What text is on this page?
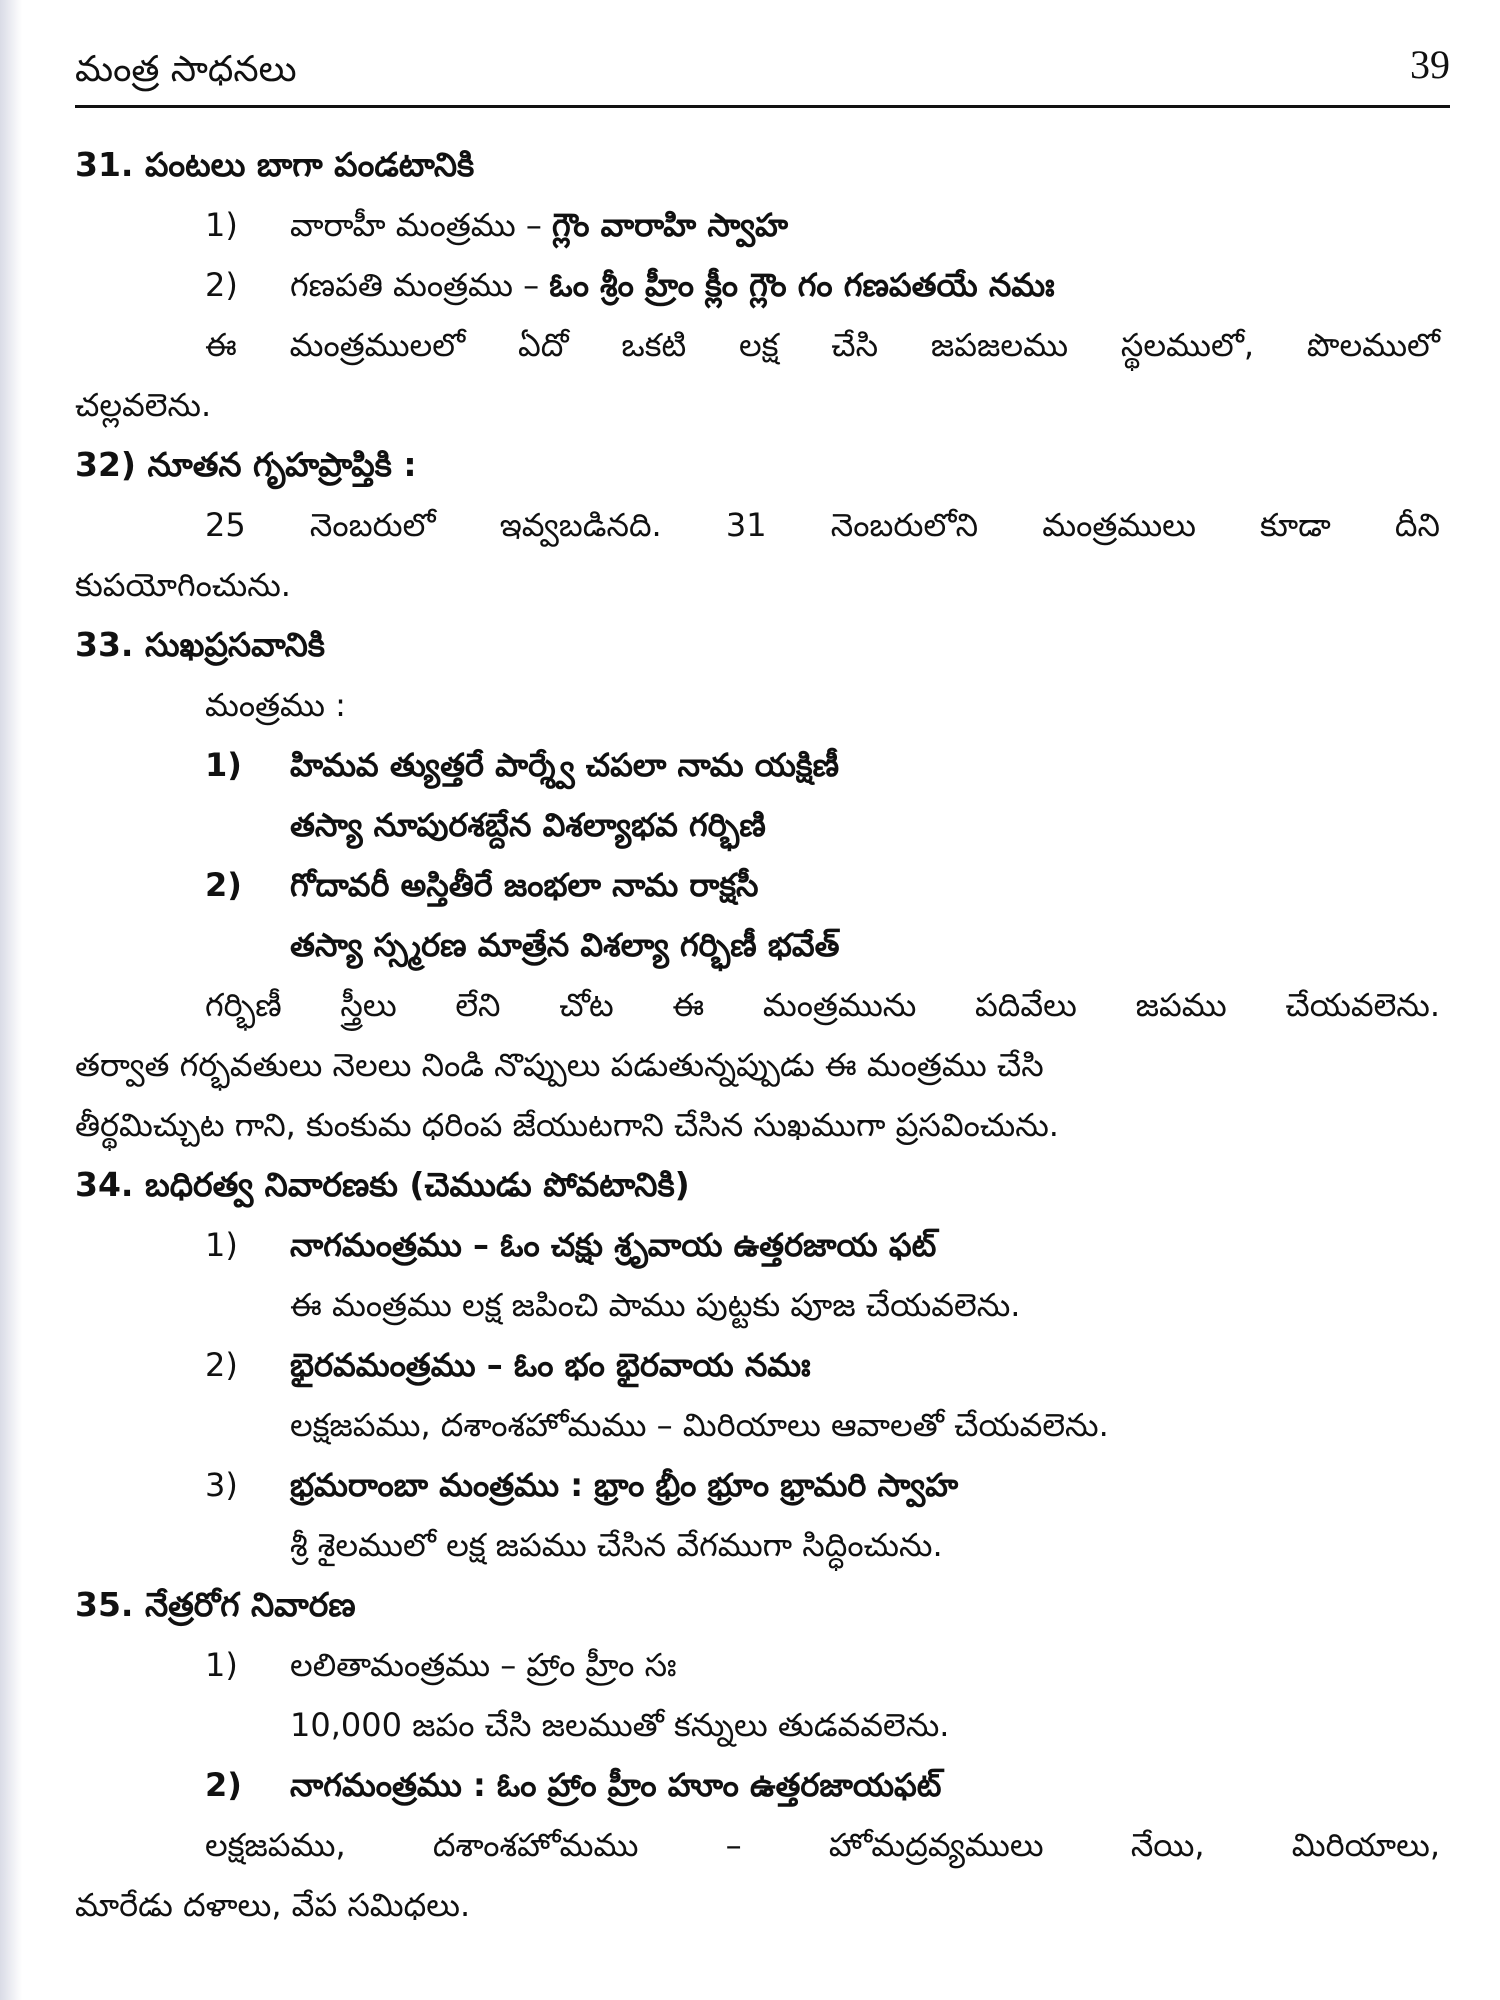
మంత్ర సాధనలు	39
31. పంటలు బాగా పండటానికి
1)	వారాహీ మంత్రము – గ్లౌం వారాహి స్వాహ
2)	గణపతి మంత్రము – ఓం శ్రీం హ్రీం క్లీం గ్లౌం గం గణపతయే నమః
ఈ మంత్రములలో ఏదో ఒకటి లక్ష చేసి జపజలము స్థలములో, పొలములో
చల్లవలెను.
32) నూతన గృహప్రాప్తికి :
25 నెంబరులో ఇవ్వబడినది. 31 నెంబరులోని మంత్రములు కూడా దీని
కుపయోగించును.
33. సుఖప్రసవానికి
మంత్రము :
1)	హిమవ త్యుత్తరే పార్శ్వే చపలా నామ యక్షిణీ
తస్యా నూపురశబ్దేన విశల్యాభవ గర్భిణి
2)	గోదావరీ అస్తితీరే జంభలా నామ రాక్షసీ
తస్యా స్స్మరణ మాత్రేన విశల్యా గర్భిణీ భవేత్
గర్భిణీ స్త్రీలు లేని చోట ఈ మంత్రమును పదివేలు జపము చేయవలెను.
తర్వాత గర్భవతులు నెలలు నిండి నొప్పులు పడుతున్నప్పుడు ఈ మంత్రము చేసి
తీర్థమిచ్చుట గాని, కుంకుమ ధరింప జేయుటగాని చేసిన సుఖముగా ప్రసవించును.
34. బధిరత్వ నివారణకు (చెముడు పోవటానికి)
1)	నాగమంత్రము – ఓం చక్షు శ్రృవాయ ఉత్తరజాయ ఫట్
ఈ మంత్రము లక్ష జపించి పాము పుట్టకు పూజ చేయవలెను.
2)	భైరవమంత్రము – ఓం భం భైరవాయ నమః
లక్షజపము, దశాంశహోమము – మిరియాలు ఆవాలతో చేయవలెను.
3)	భ్రమరాంబా మంత్రము : భ్రాం భ్రీం భ్రూం భ్రామరి స్వాహ
శ్రీ శైలములో లక్ష జపము చేసిన వేగముగా సిద్ధించును.
35. నేత్రరోగ నివారణ
1)	లలితామంత్రము – హ్రాం హ్రీం సః
10,000 జపం చేసి జలముతో కన్నులు తుడవవలెను.
2)	నాగమంత్రము : ఓం హ్రాం హ్రీం హూం ఉత్తరజాయఫట్
లక్షజపము, దశాంశహోమము – హోమద్రవ్యములు నేయి, మిరియాలు,
మారేడు దళాలు, వేప సమిధలు.
